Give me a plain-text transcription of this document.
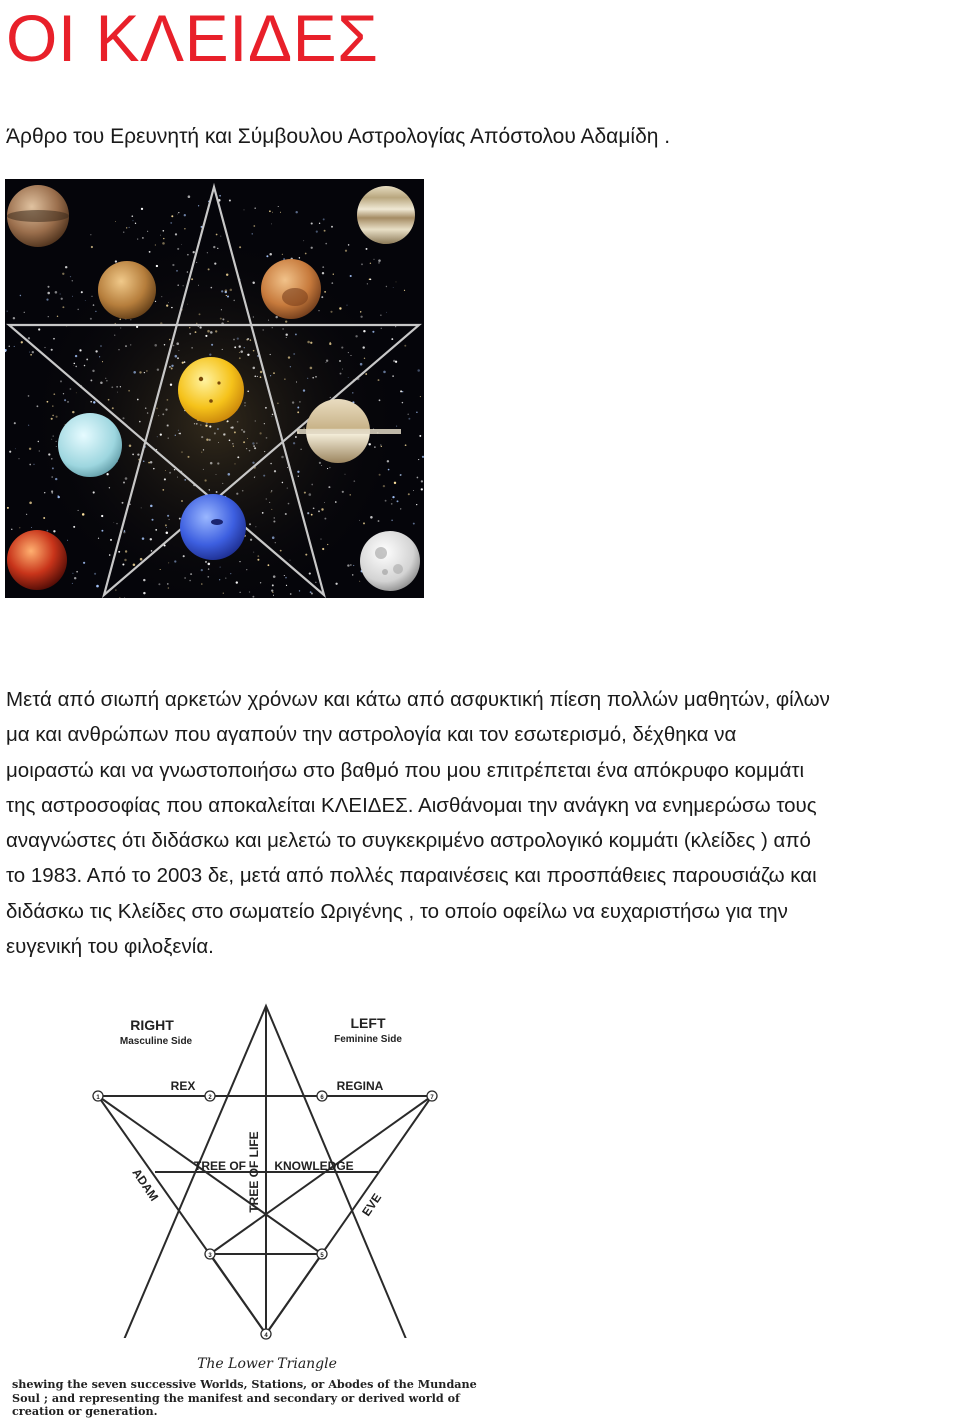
ΟΙ ΚΛΕΙΔΕΣ
Άρθρο του Ερευνητή και Σύμβουλου Αστρολογίας Απόστολου Αδαμίδη .
Μετά από σιωπή αρκετών χρόνων και κάτω από ασφυκτική πίεση πολλών μαθητών, φίλων
μα και ανθρώπων που αγαπούν την αστρολογία και τον εσωτερισμό, δέχθηκα να
μοιραστώ και να γνωστοποιήσω στο βαθμό που μου επιτρέπεται ένα απόκρυφο κομμάτι
της αστροσοφίας που αποκαλείται ΚΛΕΙΔΕΣ. Αισθάνομαι την ανάγκη να ενημερώσω τους
αναγνώστες ότι διδάσκω και μελετώ το συγκεκριμένο αστρολογικό κομμάτι (κλείδες ) από
το 1983. Από το 2003 δε, μετά από πολλές παραινέσεις και προσπάθειες παρουσιάζω και
διδάσκω τις Κλείδες στο σωματείο Ωριγένης , το οποίο οφείλω να ευχαριστήσω για την
ευγενική του φιλοξενία.
RIGHT
Masculine Side
LEFT
Feminine Side
REX	REGINA
TREE OF KNOWLEDGE
TREE OF LIFE
ADAM
EVE
1	2
3
4
5
6	7
The Lower Triangle
shewing the seven successive Worlds, Stations, or Abodes of the Mundane
Soul ; and representing the manifest and secondary or derived world of
creation or generation.
